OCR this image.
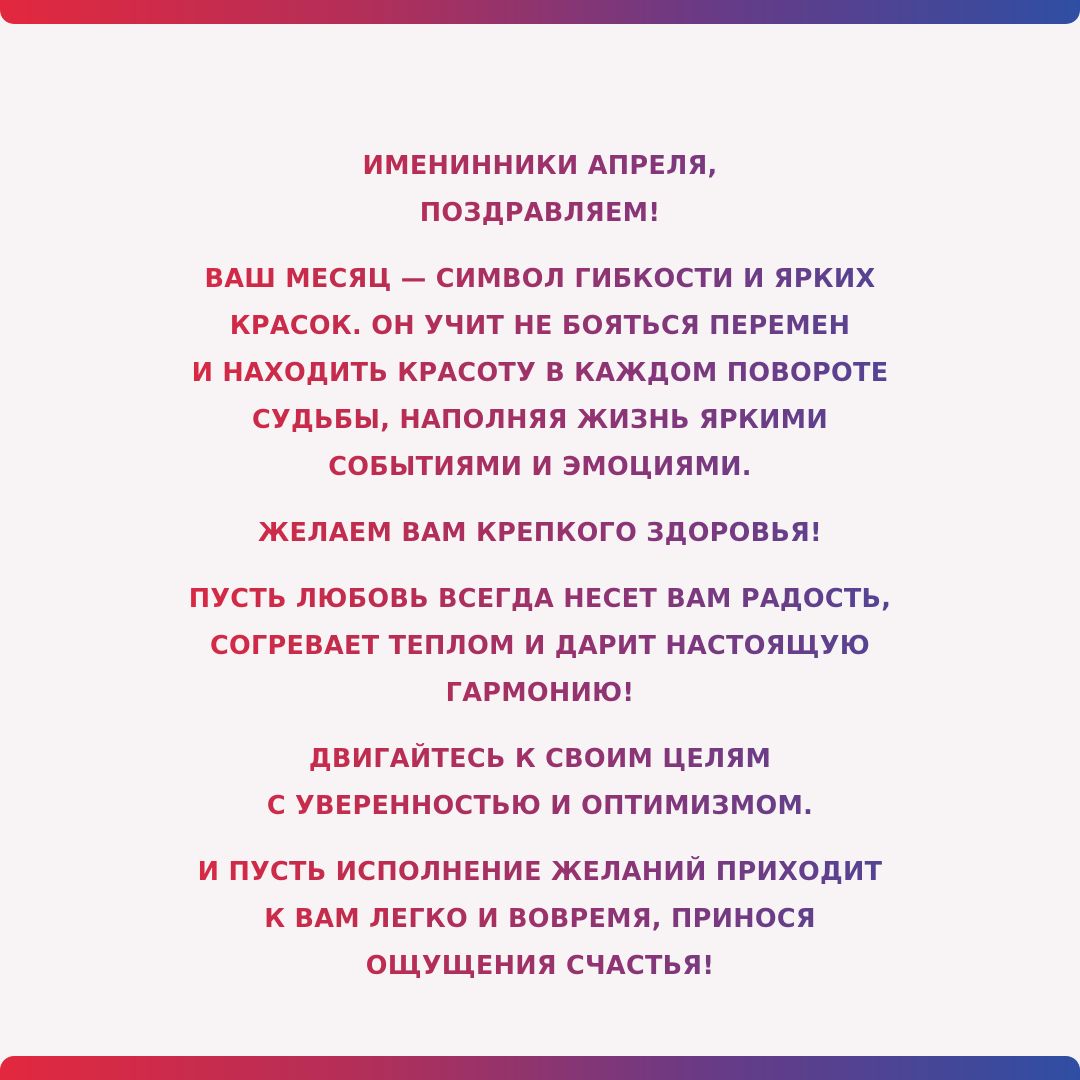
ИМЕНИННИКИ АПРЕЛЯ,
ПОЗДРАВЛЯЕМ!

ВАШ МЕСЯЦ — СИМВОЛ ГИБКОСТИ И ЯРКИХ
КРАСОК. ОН УЧИТ НЕ БОЯТЬСЯ ПЕРЕМЕН
И НАХОДИТЬ КРАСОТУ В КАЖДОМ ПОВОРОТЕ
СУДЬБЫ, НАПОЛНЯЯ ЖИЗНЬ ЯРКИМИ
СОБЫТИЯМИ И ЭМОЦИЯМИ.

ЖЕЛАЕМ ВАМ КРЕПКОГО ЗДОРОВЬЯ!

ПУСТЬ ЛЮБОВЬ ВСЕГДА НЕСЕТ ВАМ РАДОСТЬ,
СОГРЕВАЕТ ТЕПЛОМ И ДАРИТ НАСТОЯЩУЮ
ГАРМОНИЮ!

ДВИГАЙТЕСЬ К СВОИМ ЦЕЛЯМ
С УВЕРЕННОСТЬЮ И ОПТИМИЗМОМ.

И ПУСТЬ ИСПОЛНЕНИЕ ЖЕЛАНИЙ ПРИХОДИТ
К ВАМ ЛЕГКО И ВОВРЕМЯ, ПРИНОСЯ
ОЩУЩЕНИЯ СЧАСТЬЯ!
